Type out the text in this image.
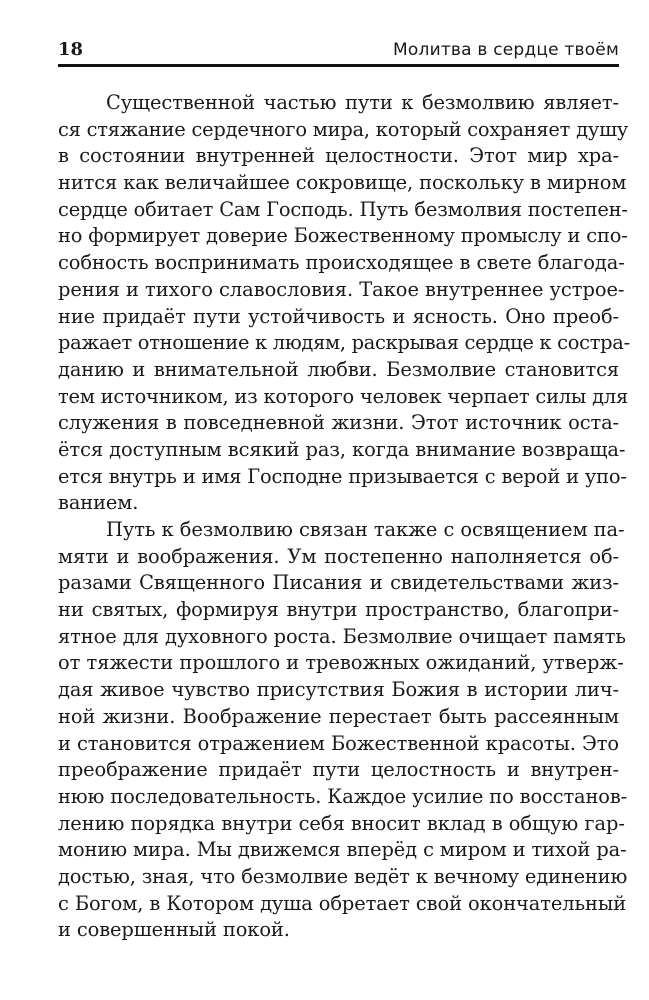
18	Молитва в сердце твоём
Существенной частью пути к безмолвию являет-
ся стяжание сердечного мира, который сохраняет душу
в состоянии внутренней целостности. Этот мир хра-
нится как величайшее сокровище, поскольку в мирном
сердце обитает Сам Господь. Путь безмолвия постепен-
но формирует доверие Божественному промыслу и спо-
собность воспринимать происходящее в свете благода-
рения и тихого славословия. Такое внутреннее устрое-
ние придаёт пути устойчивость и ясность. Оно преоб-
ражает отношение к людям, раскрывая сердце к состра-
данию и внимательной любви. Безмолвие становится
тем источником, из которого человек черпает силы для
служения в повседневной жизни. Этот источник оста-
ётся доступным всякий раз, когда внимание возвраща-
ется внутрь и имя Господне призывается с верой и упо-
ванием.
Путь к безмолвию связан также с освящением па-
мяти и воображения. Ум постепенно наполняется об-
разами Священного Писания и свидетельствами жиз-
ни святых, формируя внутри пространство, благопри-
ятное для духовного роста. Безмолвие очищает память
от тяжести прошлого и тревожных ожиданий, утверж-
дая живое чувство присутствия Божия в истории лич-
ной жизни. Воображение перестает быть рассеянным
и становится отражением Божественной красоты. Это
преображение придаёт пути целостность и внутрен-
нюю последовательность. Каждое усилие по восстанов-
лению порядка внутри себя вносит вклад в общую гар-
монию мира. Мы движемся вперёд с миром и тихой ра-
достью, зная, что безмолвие ведёт к вечному единению
с Богом, в Котором душа обретает свой окончательный
и совершенный покой.
